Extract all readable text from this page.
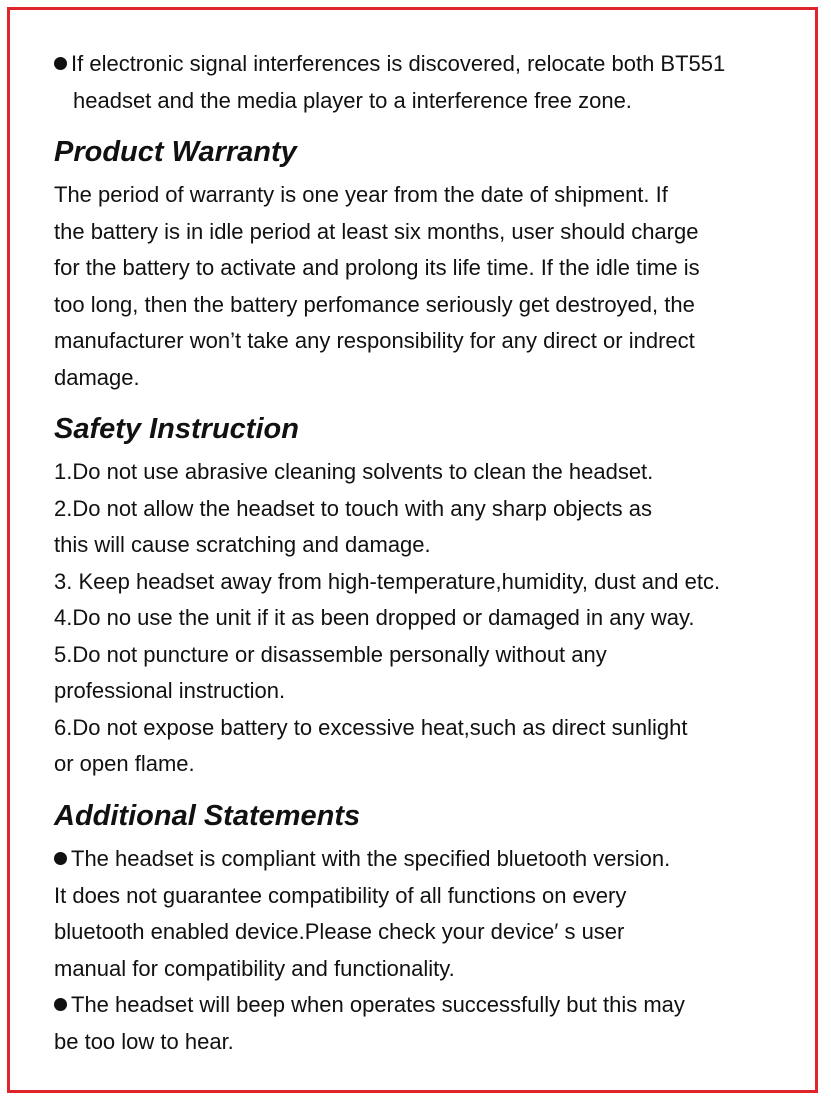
If electronic signal interferences is discovered, relocate both BT551

headset and the media player to a interference free zone.

Product Warranty

The period of warranty is one year from the date of shipment. If

the battery is in idle period at least six months, user should charge

for the battery to activate and prolong its life time. If the idle time is

too long, then the battery perfomance seriously get destroyed, the

manufacturer won’t take any responsibility for any direct or indrect

damage.

Safety Instruction

1.Do not use abrasive cleaning solvents to clean the headset.

2.Do not allow the headset to touch with any sharp objects as

this will cause scratching and damage.

3. Keep headset away from high-temperature,humidity, dust and etc.

4.Do no use the unit if it as been dropped or damaged in any way.

5.Do not puncture or disassemble personally without any

professional instruction.

6.Do not expose battery to excessive heat,such as direct sunlight

or open flame.

Additional Statements

The headset is compliant with the specified bluetooth version.

It does not guarantee compatibility of all functions on every

bluetooth enabled device.Please check your device′ s user

manual for compatibility and functionality.

The headset will beep when operates successfully but this may

be too low to hear.
